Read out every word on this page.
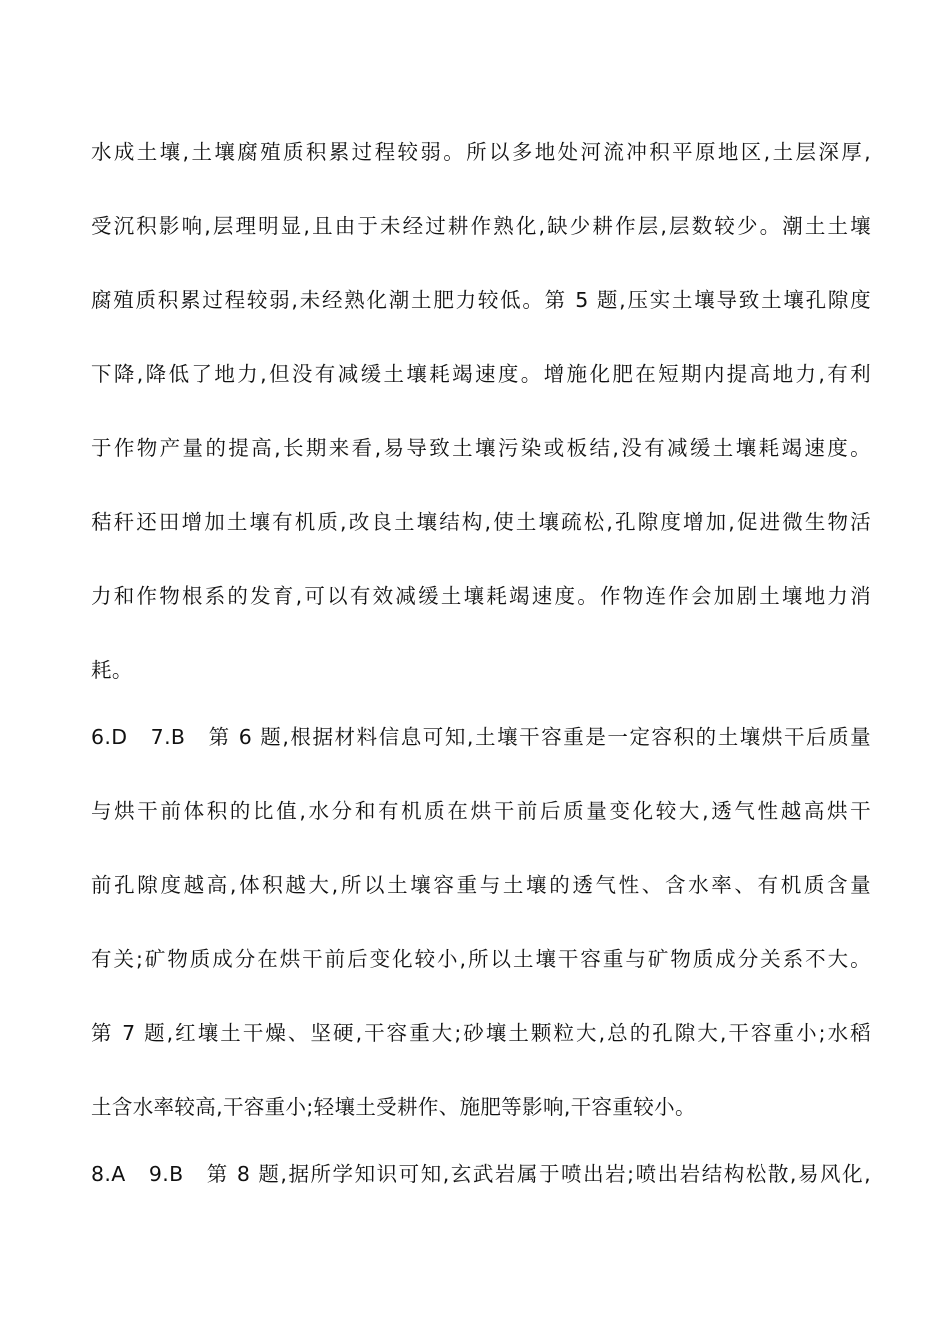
水成土壤,土壤腐殖质积累过程较弱。所以多地处河流冲积平原地区,土层深厚,
受沉积影响,层理明显,且由于未经过耕作熟化,缺少耕作层,层数较少。潮土土壤
腐殖质积累过程较弱,未经熟化潮土肥力较低。第 5 题,压实土壤导致土壤孔隙度
下降,降低了地力,但没有减缓土壤耗竭速度。增施化肥在短期内提高地力,有利
于作物产量的提高,长期来看,易导致土壤污染或板结,没有减缓土壤耗竭速度。
秸秆还田增加土壤有机质,改良土壤结构,使土壤疏松,孔隙度增加,促进微生物活
力和作物根系的发育,可以有效减缓土壤耗竭速度。作物连作会加剧土壤地力消
耗。
6.D　7.B　第 6 题,根据材料信息可知,土壤干容重是一定容积的土壤烘干后质量
与烘干前体积的比值,水分和有机质在烘干前后质量变化较大,透气性越高烘干
前孔隙度越高,体积越大,所以土壤容重与土壤的透气性、含水率、有机质含量
有关;矿物质成分在烘干前后变化较小,所以土壤干容重与矿物质成分关系不大。
第 7 题,红壤土干燥、坚硬,干容重大;砂壤土颗粒大,总的孔隙大,干容重小;水稻
土含水率较高,干容重小;轻壤土受耕作、施肥等影响,干容重较小。
8.A　9.B　第 8 题,据所学知识可知,玄武岩属于喷出岩;喷出岩结构松散,易风化,
